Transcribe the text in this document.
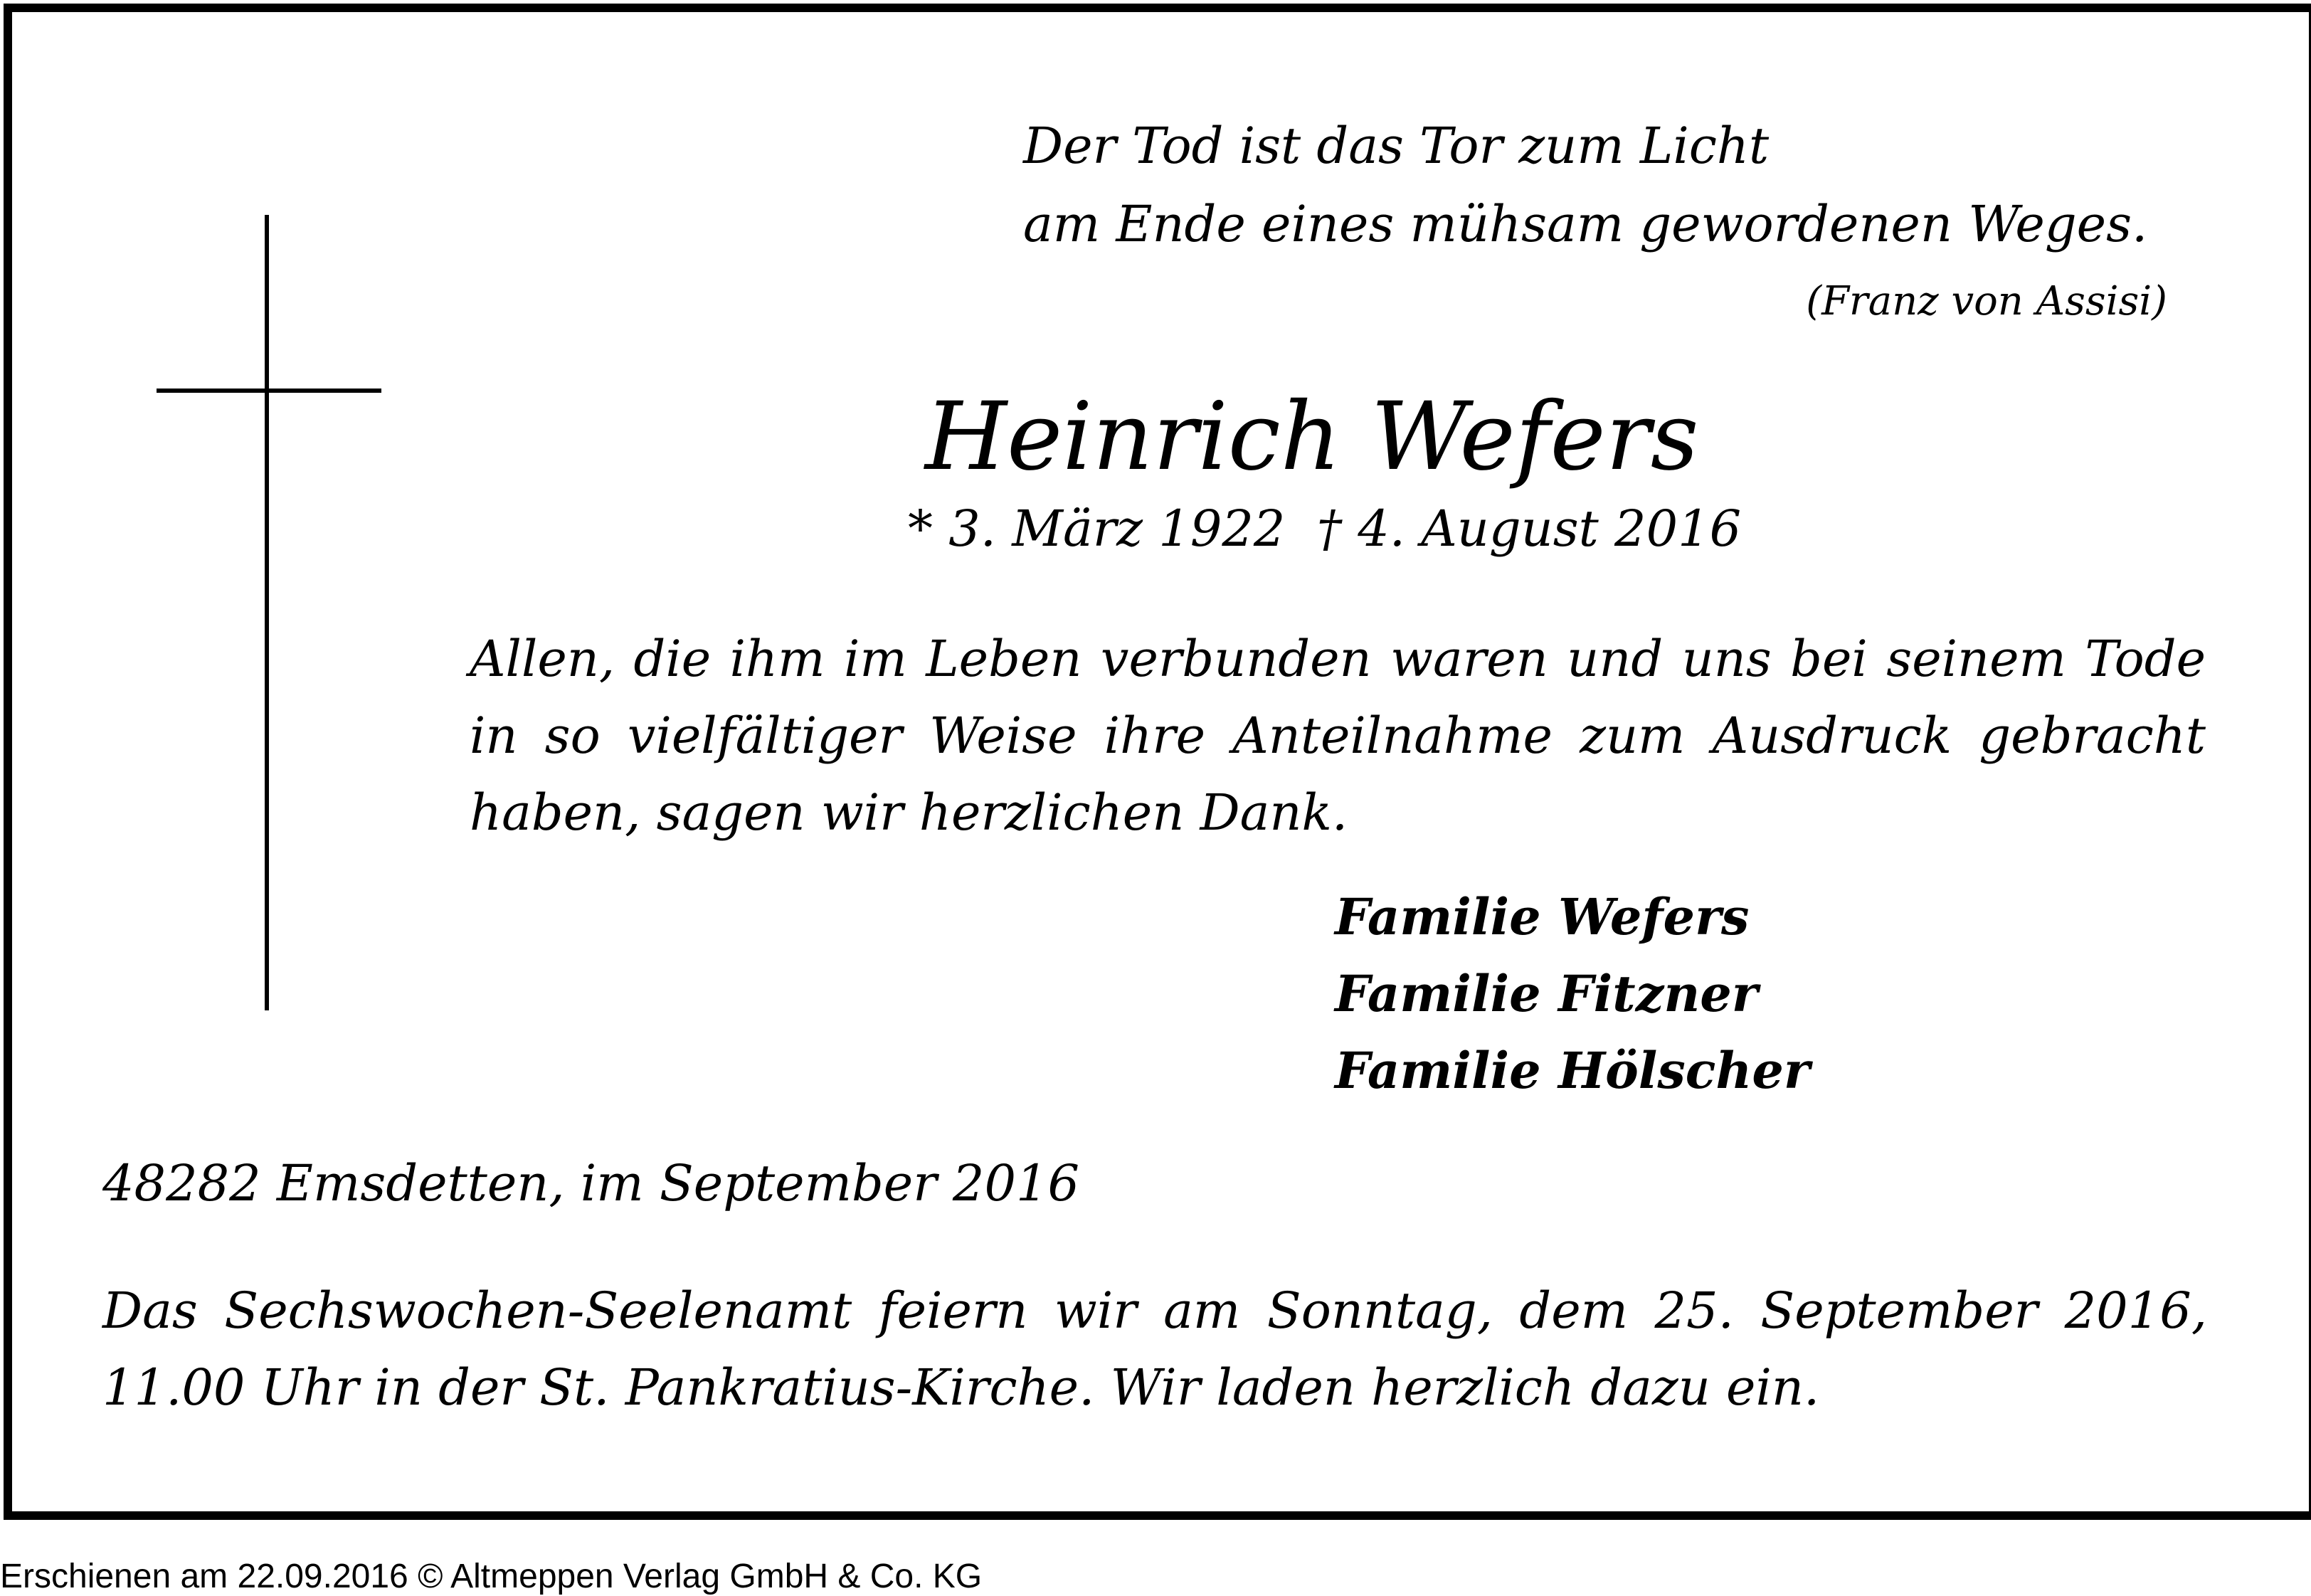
Der Tod ist das Tor zum Licht
am Ende eines mühsam gewordenen Weges.
(Franz von Assisi)
Heinrich Wefers
* 3. März 1922  † 4. August 2016
Allen, die ihm im Leben verbunden waren und uns bei seinem Tode in so vielfältiger Weise ihre Anteilnahme zum Ausdruck gebracht haben, sagen wir herzlichen Dank.
Familie Wefers
Familie Fitzner
Familie Hölscher
48282 Emsdetten, im September 2016
Das Sechswochen-Seelenamt feiern wir am Sonntag, dem 25. September 2016, 11.00 Uhr in der St. Pankratius-Kirche. Wir laden herzlich dazu ein.
Erschienen am 22.09.2016 © Altmeppen Verlag GmbH & Co. KG
